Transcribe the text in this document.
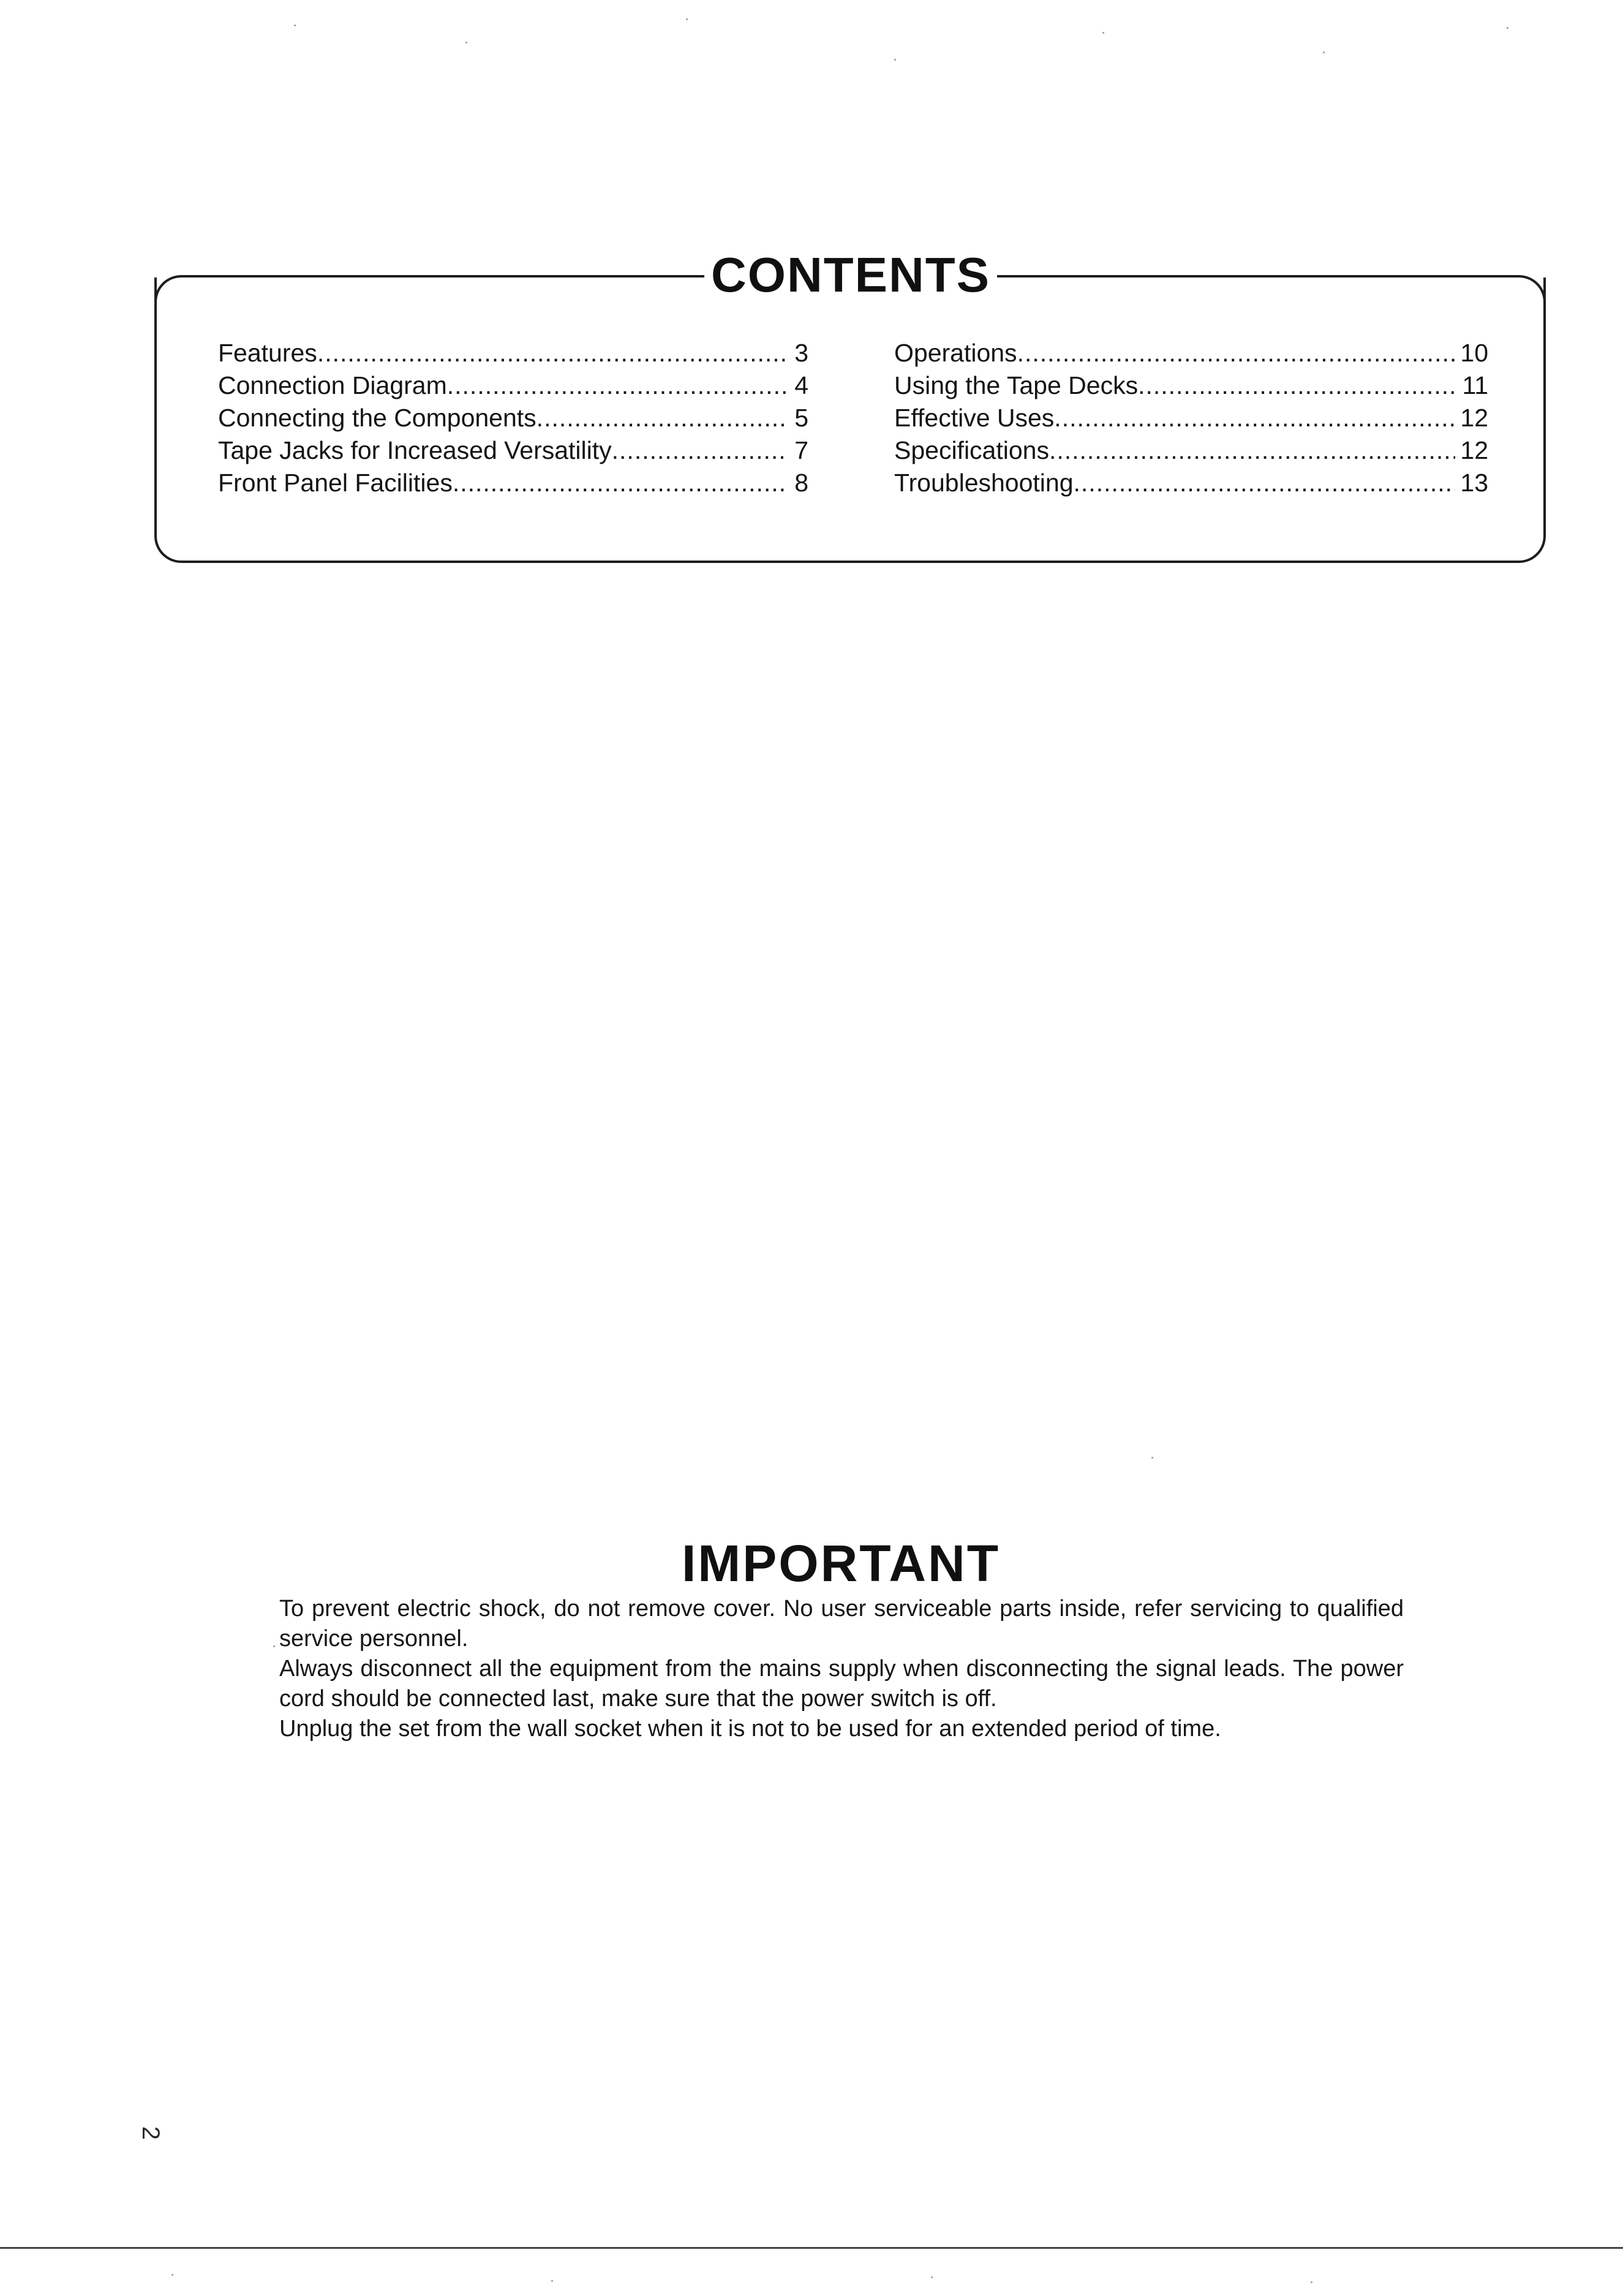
CONTENTS
Features .....	3
Connection Diagram .....	4
Connecting the Components .....	5
Tape Jacks for Increased Versatility .....	7
Front Panel Facilities .....	8
Operations .....	10
Using the Tape Decks .....	11
Effective Uses .....	12
Specifications .....	12
Troubleshooting .....	13
IMPORTANT

To prevent electric shock, do not remove cover. No user serviceable parts inside, refer servicing to qualified service personnel.

Always disconnect all the equipment from the mains supply when disconnecting the signal leads. The power cord should be connected last, make sure that the power switch is off.

Unplug the set from the wall socket when it is not to be used for an extended period of time.

2
